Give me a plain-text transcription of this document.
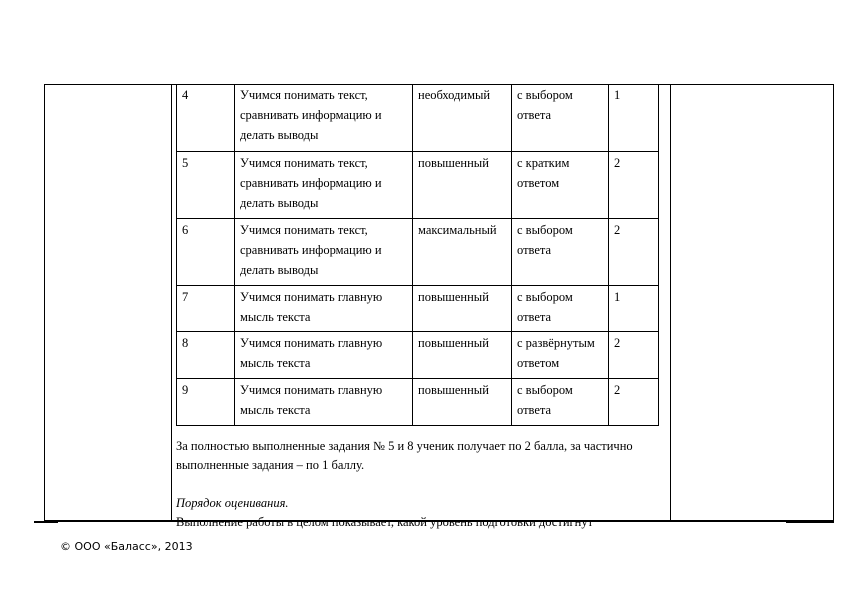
4	Учимся понимать текст, сравнивать информацию и делать выводы	необходимый	с выбором ответа	1
5	Учимся понимать текст, сравнивать информацию и делать выводы	повышенный	с кратким ответом	2
6	Учимся понимать текст, сравнивать информацию и делать выводы	максимальный	с выбором ответа	2
7	Учимся понимать главную мысль текста	повышенный	с выбором ответа	1
8	Учимся понимать главную мысль текста	повышенный	с развёрнутым ответом	2
9	Учимся понимать главную мысль текста	повышенный	с выбором ответа	2

За полностью выполненные задания № 5 и 8 ученик получает по 2 балла, за частично выполненные задания – по 1 баллу.

Порядок оценивания.

Выполнение работы в целом показывает, какой уровень подготовки достигнут

© ООО «Баласс», 2013
